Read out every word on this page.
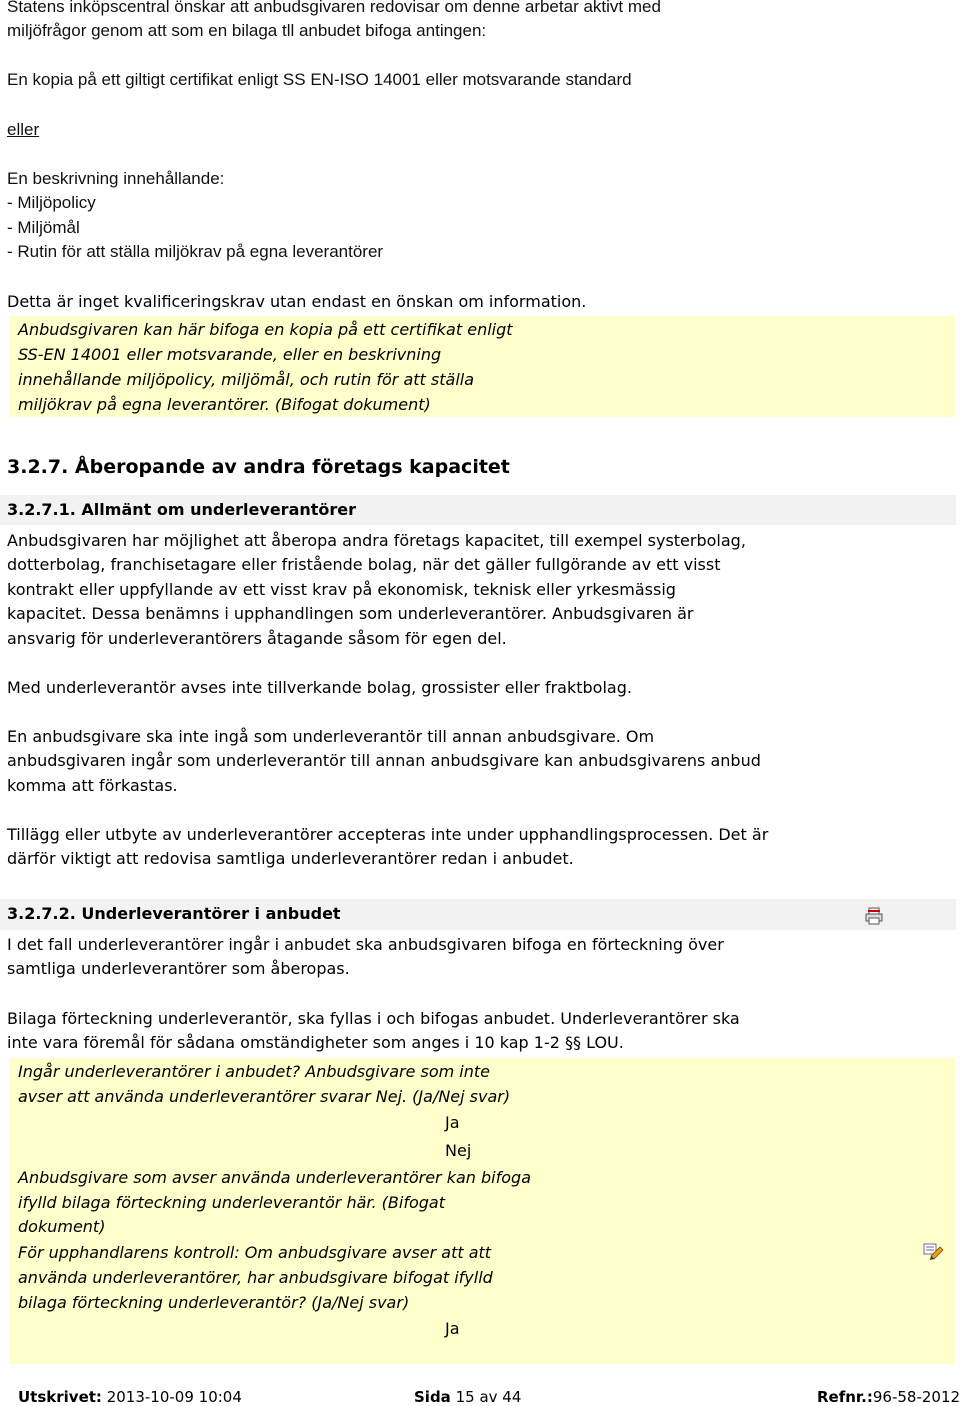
Statens inköpscentral önskar att anbudsgivaren redovisar om denne arbetar aktivt med
miljöfrågor genom att som en bilaga tll anbudet bifoga antingen:
En kopia på ett giltigt certifikat enligt SS EN-ISO 14001 eller motsvarande standard
eller
En beskrivning innehållande:
- Miljöpolicy
- Miljömål
- Rutin för att ställa miljökrav på egna leverantörer
Detta är inget kvalificeringskrav utan endast en önskan om information.
Anbudsgivaren kan här bifoga en kopia på ett certifikat enligt
SS-EN 14001 eller motsvarande, eller en beskrivning
innehållande miljöpolicy, miljömål, och rutin för att ställa
miljökrav på egna leverantörer. (Bifogat dokument)
3.2.7. Åberopande av andra företags kapacitet
3.2.7.1. Allmänt om underleverantörer
Anbudsgivaren har möjlighet att åberopa andra företags kapacitet, till exempel systerbolag,
dotterbolag, franchisetagare eller fristående bolag, när det gäller fullgörande av ett visst
kontrakt eller uppfyllande av ett visst krav på ekonomisk, teknisk eller yrkesmässig
kapacitet. Dessa benämns i upphandlingen som underleverantörer. Anbudsgivaren är
ansvarig för underleverantörers åtagande såsom för egen del.
Med underleverantör avses inte tillverkande bolag, grossister eller fraktbolag.
En anbudsgivare ska inte ingå som underleverantör till annan anbudsgivare. Om
anbudsgivaren ingår som underleverantör till annan anbudsgivare kan anbudsgivarens anbud
komma att förkastas.
Tillägg eller utbyte av underleverantörer accepteras inte under upphandlingsprocessen. Det är
därför viktigt att redovisa samtliga underleverantörer redan i anbudet.
3.2.7.2. Underleverantörer i anbudet
I det fall underleverantörer ingår i anbudet ska anbudsgivaren bifoga en förteckning över
samtliga underleverantörer som åberopas.
Bilaga förteckning underleverantör, ska fyllas i och bifogas anbudet. Underleverantörer ska
inte vara föremål för sådana omständigheter som anges i 10 kap 1-2 §§ LOU.
Ingår underleverantörer i anbudet? Anbudsgivare som inte
avser att använda underleverantörer svarar Nej. (Ja/Nej svar)
Ja
Nej
Anbudsgivare som avser använda underleverantörer kan bifoga
ifylld bilaga förteckning underleverantör här. (Bifogat
dokument)
För upphandlarens kontroll: Om anbudsgivare avser att att
använda underleverantörer, har anbudsgivare bifogat ifylld
bilaga förteckning underleverantör? (Ja/Nej svar)
Ja
Utskrivet: 2013-10-09 10:04	Sida 15 av 44	Refnr.:96-58-2012
